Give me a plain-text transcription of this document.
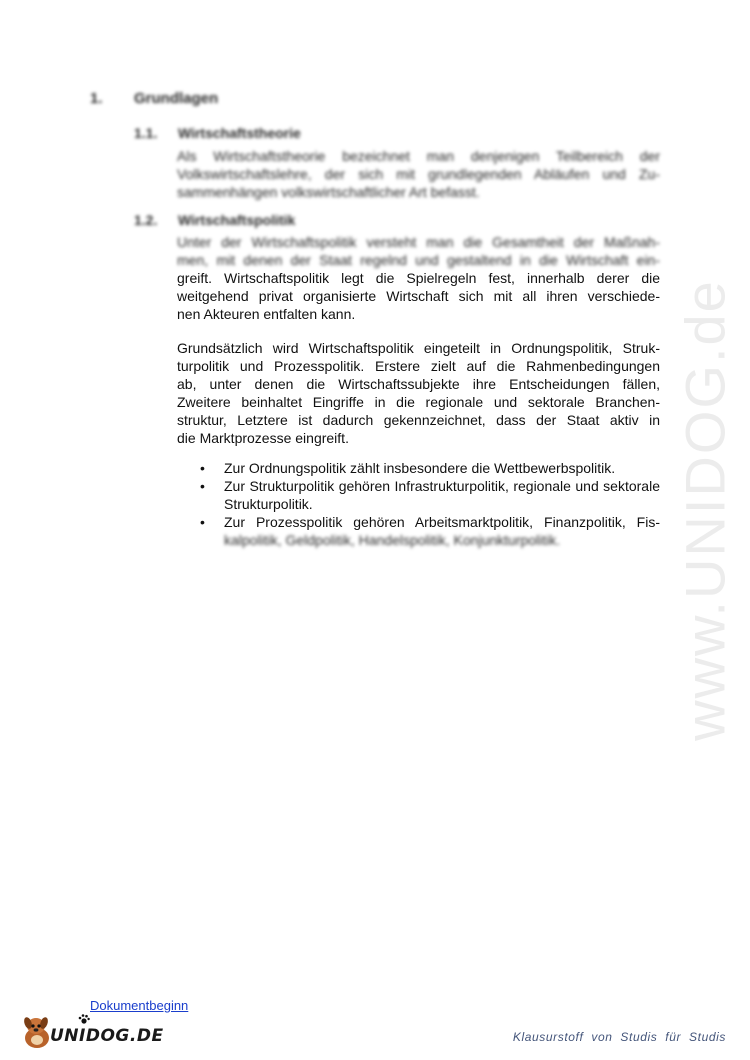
www.UNIDOG.de
1. Grundlagen
1.1. Wirtschaftstheorie
Als Wirtschaftstheorie bezeichnet man denjenigen Teilbereich der
Volkswirtschaftslehre, der sich mit grundlegenden Abläufen und Zu-
sammenhängen volkswirtschaftlicher Art befasst.
1.2. Wirtschaftspolitik
Unter der Wirtschaftspolitik versteht man die Gesamtheit der Maßnah-
men, mit denen der Staat regelnd und gestaltend in die Wirtschaft ein-
greift. Wirtschaftspolitik legt die Spielregeln fest, innerhalb derer die
weitgehend privat organisierte Wirtschaft sich mit all ihren verschiede-
nen Akteuren entfalten kann.
Grundsätzlich wird Wirtschaftspolitik eingeteilt in Ordnungspolitik, Struk-
turpolitik und Prozesspolitik. Erstere zielt auf die Rahmenbedingungen
ab, unter denen die Wirtschaftssubjekte ihre Entscheidungen fällen,
Zweitere beinhaltet Eingriffe in die regionale und sektorale Branchen-
struktur, Letztere ist dadurch gekennzeichnet, dass der Staat aktiv in
die Marktprozesse eingreift.
• Zur Ordnungspolitik zählt insbesondere die Wettbewerbspolitik.
• Zur Strukturpolitik gehören Infrastrukturpolitik, regionale und sektorale Strukturpolitik.
• Zur Prozesspolitik gehören Arbeitsmarktpolitik, Finanzpolitik, Fis-
kalpolitik, Geldpolitik, Handelspolitik, Konjunkturpolitik.
Dokumentbeginn
UNIDOG.DE	Klausurstoff von Studis für Studis
